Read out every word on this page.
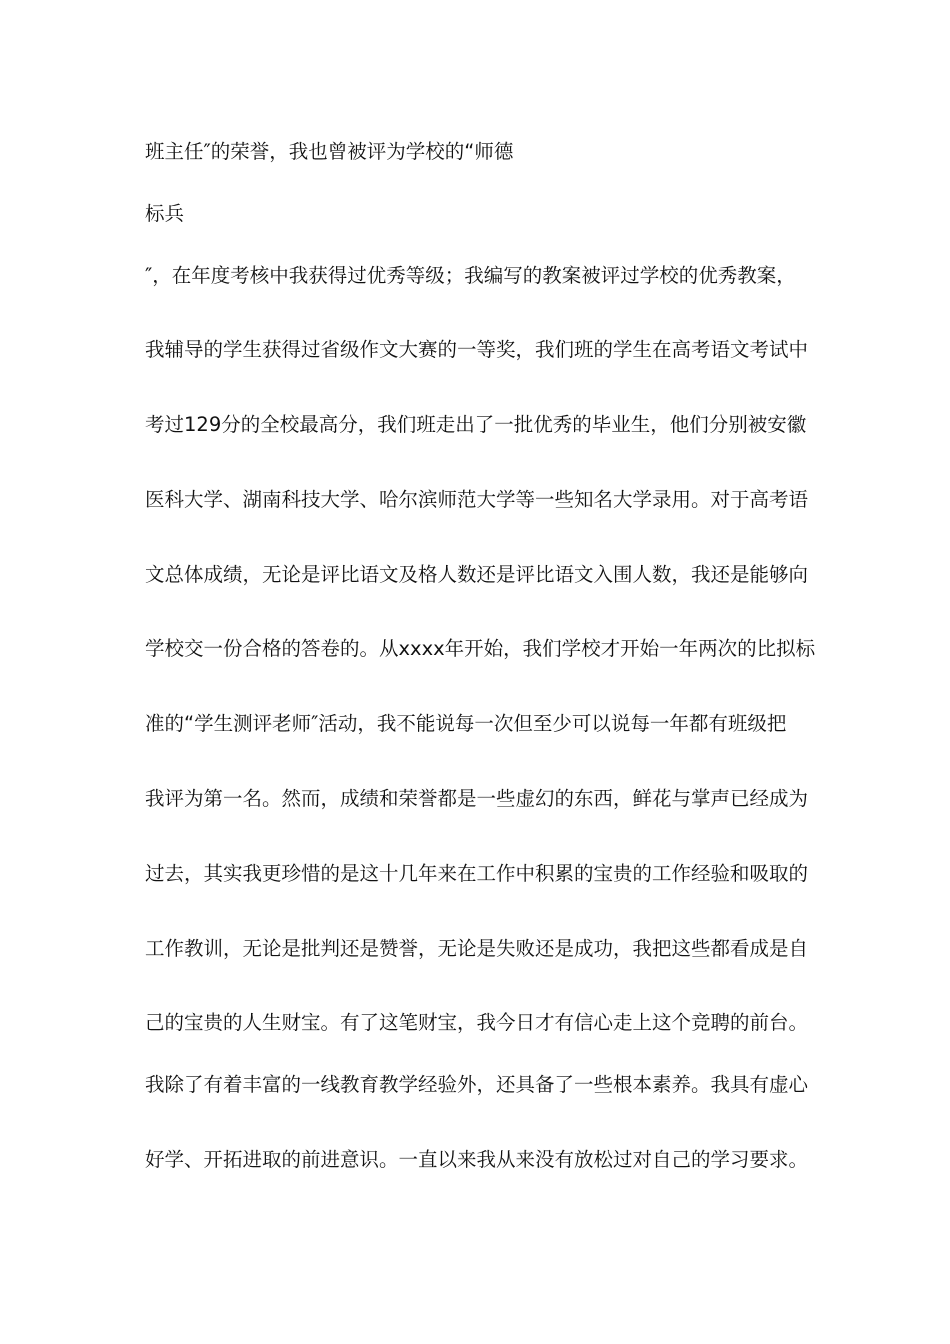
班主任″的荣誉，我也曾被评为学校的“师德
标兵
″，在年度考核中我获得过优秀等级；我编写的教案被评过学校的优秀教案，
我辅导的学生获得过省级作文大赛的一等奖，我们班的学生在高考语文考试中
考过129分的全校最高分，我们班走出了一批优秀的毕业生，他们分别被安徽
医科大学、湖南科技大学、哈尔滨师范大学等一些知名大学录用。对于高考语
文总体成绩，无论是评比语文及格人数还是评比语文入围人数，我还是能够向
学校交一份合格的答卷的。从xxxx年开始，我们学校才开始一年两次的比拟标
准的“学生测评老师″活动，我不能说每一次但至少可以说每一年都有班级把
我评为第一名。然而，成绩和荣誉都是一些虚幻的东西，鲜花与掌声已经成为
过去，其实我更珍惜的是这十几年来在工作中积累的宝贵的工作经验和吸取的
工作教训，无论是批判还是赞誉，无论是失败还是成功，我把这些都看成是自
己的宝贵的人生财宝。有了这笔财宝，我今日才有信心走上这个竞聘的前台。
我除了有着丰富的一线教育教学经验外，还具备了一些根本素养。我具有虚心
好学、开拓进取的前进意识。一直以来我从来没有放松过对自己的学习要求。
